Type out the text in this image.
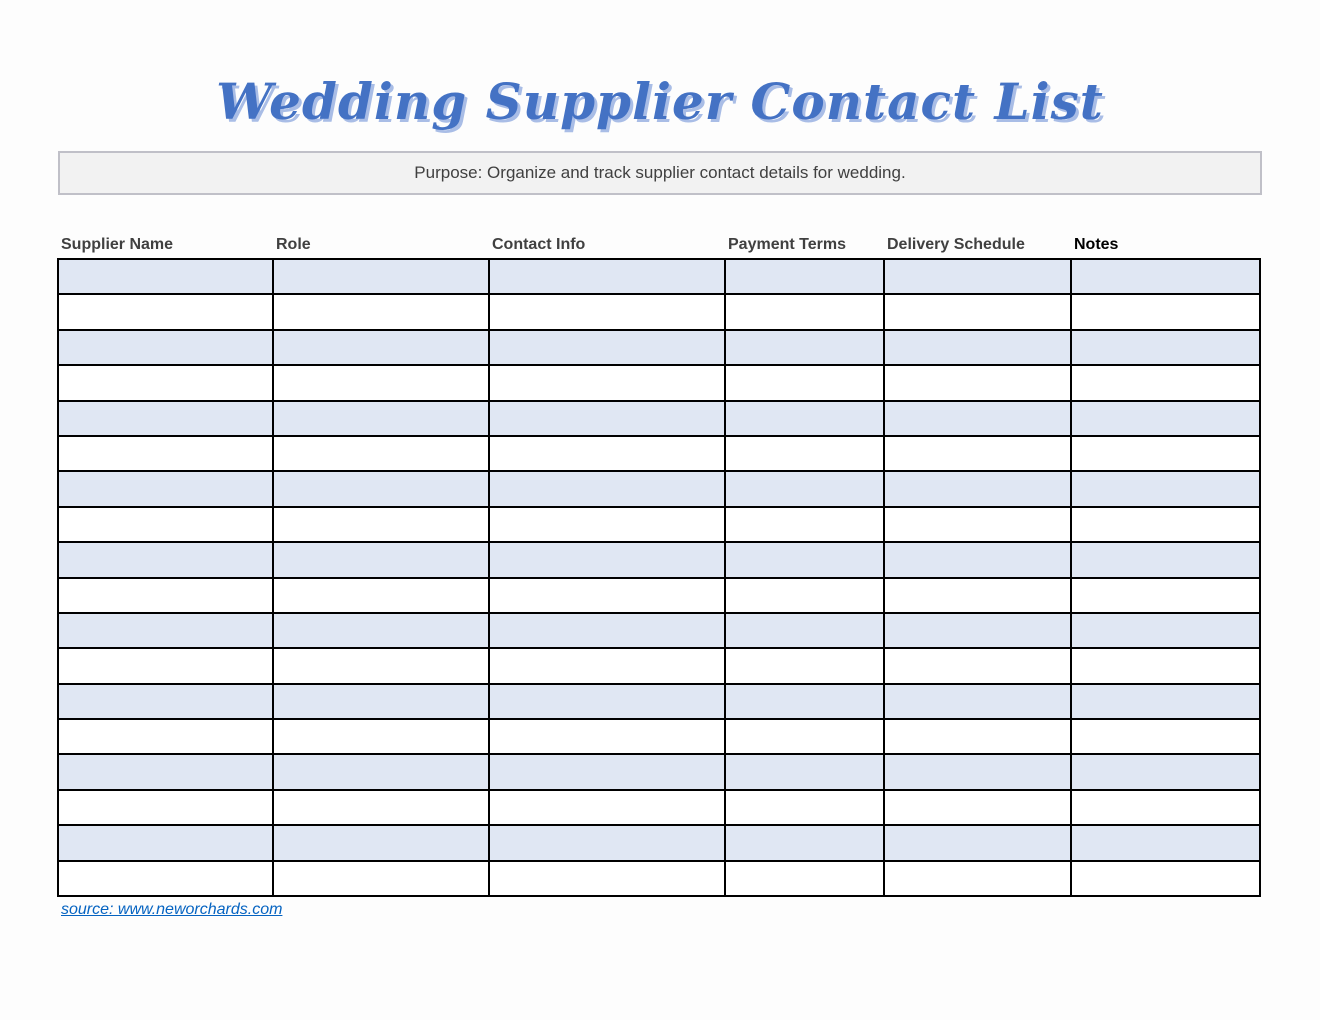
Wedding Supplier Contact List
Purpose: Organize and track supplier contact details for wedding.
Supplier Name	Role	Contact Info	Payment Terms	Delivery Schedule	Notes

source: www.neworchards.com
